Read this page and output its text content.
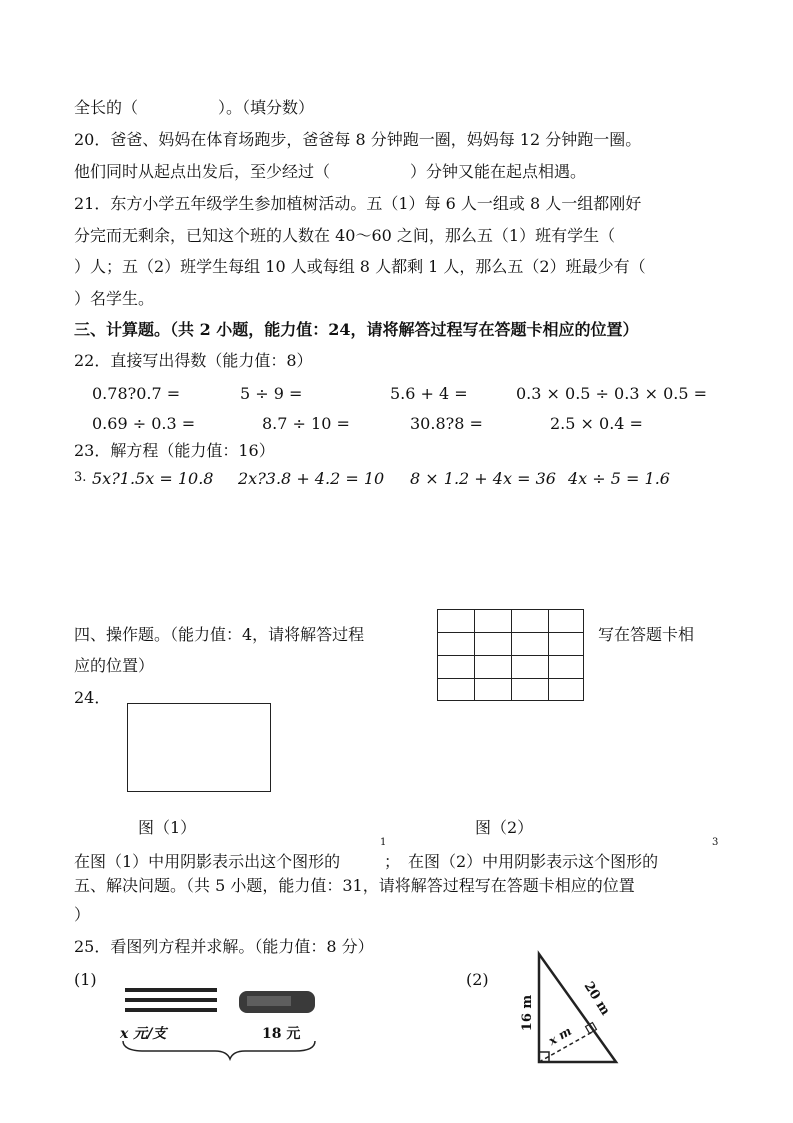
全长的（　　　　　）。（填分数）
20．爸爸、妈妈在体育场跑步，爸爸每 8 分钟跑一圈，妈妈每 12 分钟跑一圈。
他们同时从起点出发后，至少经过（　　　　　）分钟又能在起点相遇。
21．东方小学五年级学生参加植树活动。五（1）每 6 人一组或 8 人一组都刚好
分完而无剩余，已知这个班的人数在 40～60 之间，那么五（1）班有学生（
）人；五（2）班学生每组 10 人或每组 8 人都剩 1 人，那么五（2）班最少有（
）名学生。
三、计算题。（共 2 小题，能力值：24，请将解答过程写在答题卡相应的位置）
22．直接写出得数（能力值：8）
0.78?0.7 =	5 ÷ 9 =	5.6 + 4 =	0.3 × 0.5 ÷ 0.3 × 0.5 =
0.69 ÷ 0.3 =	8.7 ÷ 10 =	30.8?8 =	2.5 × 0.4 =
23．解方程（能力值：16）
3. 5x?1.5x = 10.8 2x?3.8 + 4.2 = 10 8 × 1.2 + 4x = 36 4x ÷ 5 = 1.6
四、操作题。（能力值：4，请将解答过程	写在答题卡相
应的位置）
24．
图（1）	图（2）
1	3
在图（1）中用阴影表示出这个图形的	；　在图（2）中用阴影表示这个图形的
五、解决问题。（共 5 小题，能力值：31，请将解答过程写在答题卡相应的位置
）
25．看图列方程并求解。（能力值：8 分）
(1)	(2)
x 元/支	18 元
16 m	20 m
x m
